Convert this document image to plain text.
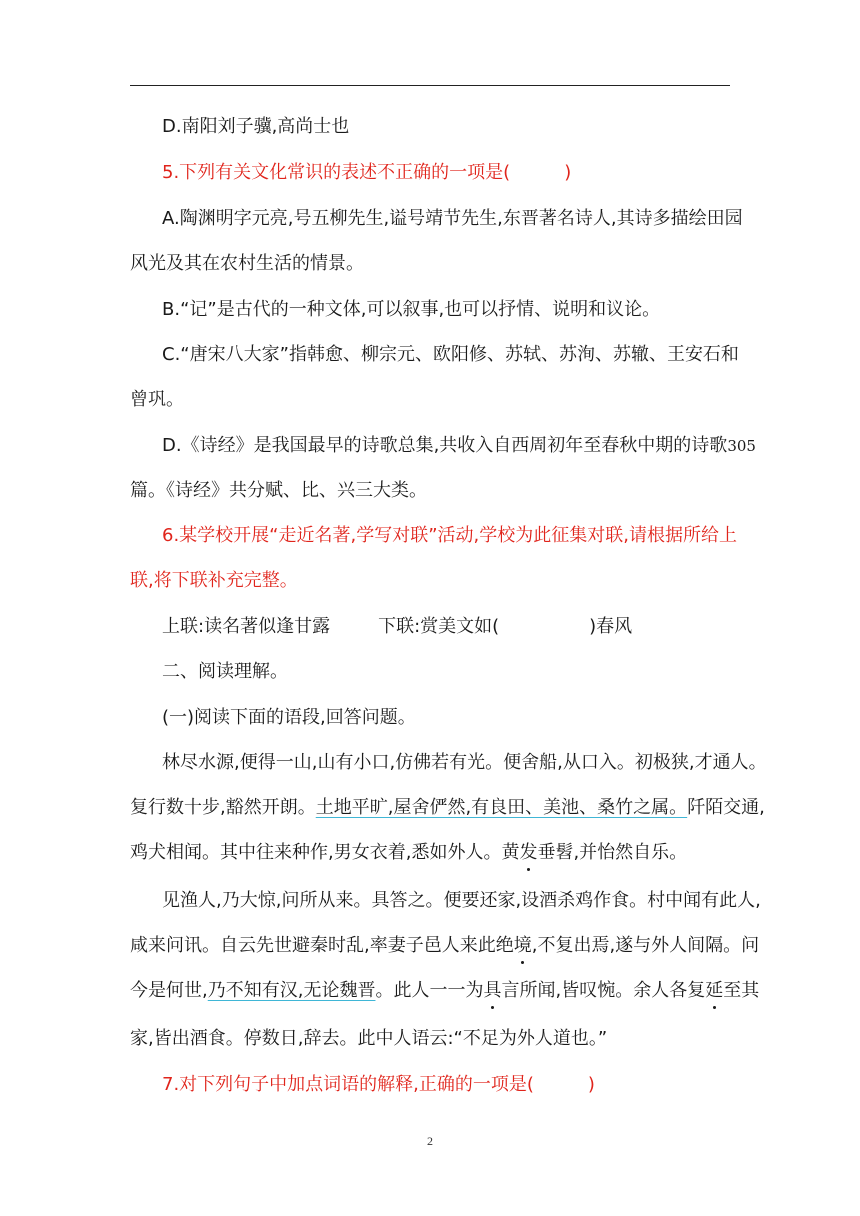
D.南阳刘子骥,高尚士也
5.下列有关文化常识的表述不正确的一项是(　　　)
A.陶渊明字元亮,号五柳先生,谥号靖节先生,东晋著名诗人,其诗多描绘田园
风光及其在农村生活的情景。
B.“记”是古代的一种文体,可以叙事,也可以抒情、说明和议论。
C.“唐宋八大家”指韩愈、柳宗元、欧阳修、苏轼、苏洵、苏辙、王安石和
曾巩。
D.《诗经》是我国最早的诗歌总集,共收入自西周初年至春秋中期的诗歌305
篇。《诗经》共分赋、比、兴三大类。
6.某学校开展“走近名著,学写对联”活动,学校为此征集对联,请根据所给上
联,将下联补充完整。
上联:读名著似逢甘露	下联:赏美文如(　　　　　)春风
二、阅读理解。
(一)阅读下面的语段,回答问题。
林尽水源,便得一山,山有小口,仿佛若有光。便舍船,从口入。初极狭,才通人。
复行数十步,豁然开朗。土地平旷,屋舍俨然,有良田、美池、桑竹之属。阡陌交通,
鸡犬相闻。其中往来种作,男女衣着,悉如外人。黄发垂髫,并怡然自乐。
见渔人,乃大惊,问所从来。具答之。便要还家,设酒杀鸡作食。村中闻有此人,
咸来问讯。自云先世避秦时乱,率妻子邑人来此绝境,不复出焉,遂与外人间隔。问
今是何世,乃不知有汉,无论魏晋。此人一一为具言所闻,皆叹惋。余人各复延至其
家,皆出酒食。停数日,辞去。此中人语云:“不足为外人道也。”
7.对下列句子中加点词语的解释,正确的一项是(　　　)
2
